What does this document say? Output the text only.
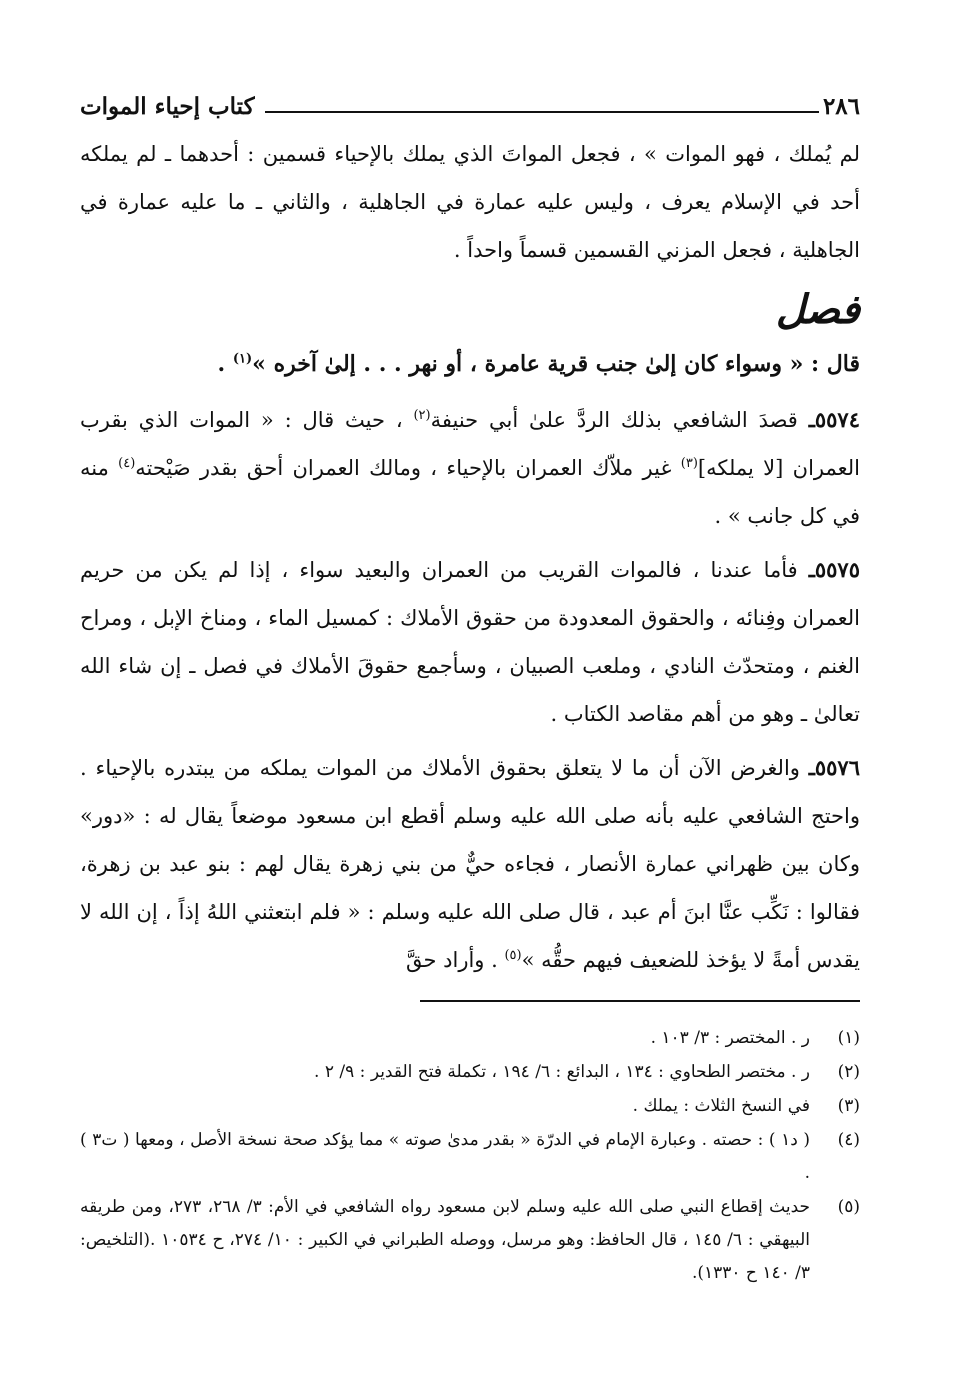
٢٨٦
كتاب إحياء الموات

لم يُملك ، فهو الموات » ، فجعل المواتَ الذي يملك بالإحياء قسمين : أحدهما ـ لم يملكه أحد في الإسلام يعرف ، وليس عليه عمارة في الجاهلية ، والثاني ـ ما عليه عمارة في الجاهلية ، فجعل المزني القسمين قسماً واحداً .

فصل

قال : « وسواء كان إلىٰ جنب قرية عامرة ، أو نهر . . . إلىٰ آخره »$^{(١)}$ .

٥٥٧٤ـ قصدَ الشافعي بذلك الردَّ علىٰ أبي حنيفة$^{(٢)}$ ، حيث قال : « الموات الذي بقرب العمران [لا يملكه]$^{(٣)}$ غير ملاّك العمران بالإحياء ، ومالك العمران أحق بقدر صَيْحته$^{(٤)}$ منه في كل جانب » .

٥٥٧٥ـ فأما عندنا ، فالموات القريب من العمران والبعيد سواء ، إذا لم يكن من حريم العمران وفِنائه ، والحقوق المعدودة من حقوق الأملاك : كمسيل الماء ، ومناخ الإبل ، ومراح الغنم ، ومتحدّث النادي ، وملعب الصبيان ، وسأجمع حقوقَ الأملاك في فصل ـ إن شاء الله تعالىٰ ـ وهو من أهم مقاصد الكتاب .

٥٥٧٦ـ والغرض الآن أن ما لا يتعلق بحقوق الأملاك من الموات يملكه من يبتدره بالإحياء . واحتج الشافعي عليه بأنه صلى الله عليه وسلم أقطع ابن مسعود موضعاً يقال له : «دور» وكان بين ظهراني عمارة الأنصار ، فجاءه حيٌّ من بني زهرة يقال لهم : بنو عبد بن زهرة، فقالوا : نَكِّب عنَّا ابنَ أم عبد ، قال صلى الله عليه وسلم : « فلم ابتعثني اللهُ إذاً ، إن الله لا يقدس أمةً لا يؤخذ للضعيف فيهم حقُّه »$^{(٥)}$ . وأراد حقَّ

(١)
ر . المختصر : ٣/ ١٠٣ .
(٢)
ر . مختصر الطحاوي : ١٣٤ ، البدائع : ٦/ ١٩٤ ، تكملة فتح القدير : ٩/ ٢ .
(٣)
في النسخ الثلاث : يملك .
(٤)
( د١ ) : حصته . وعبارة الإمام في الدرّة « بقدر مدىٰ صوته » مما يؤكد صحة نسخة الأصل ، ومعها ( ت٣ ) .
(٥)
حديث إقطاع النبي صلى الله عليه وسلم لابن مسعود رواه الشافعي في الأم: ٣/ ٢٦٨، ٢٧٣، ومن طريقه البيهقي : ٦/ ١٤٥ ، قال الحافظ: وهو مرسل، ووصله الطبراني في الكبير : ١٠/ ٢٧٤، ح ١٠٥٣٤ .(التلخيص: ٣/ ١٤٠ ح ١٣٣٠).
